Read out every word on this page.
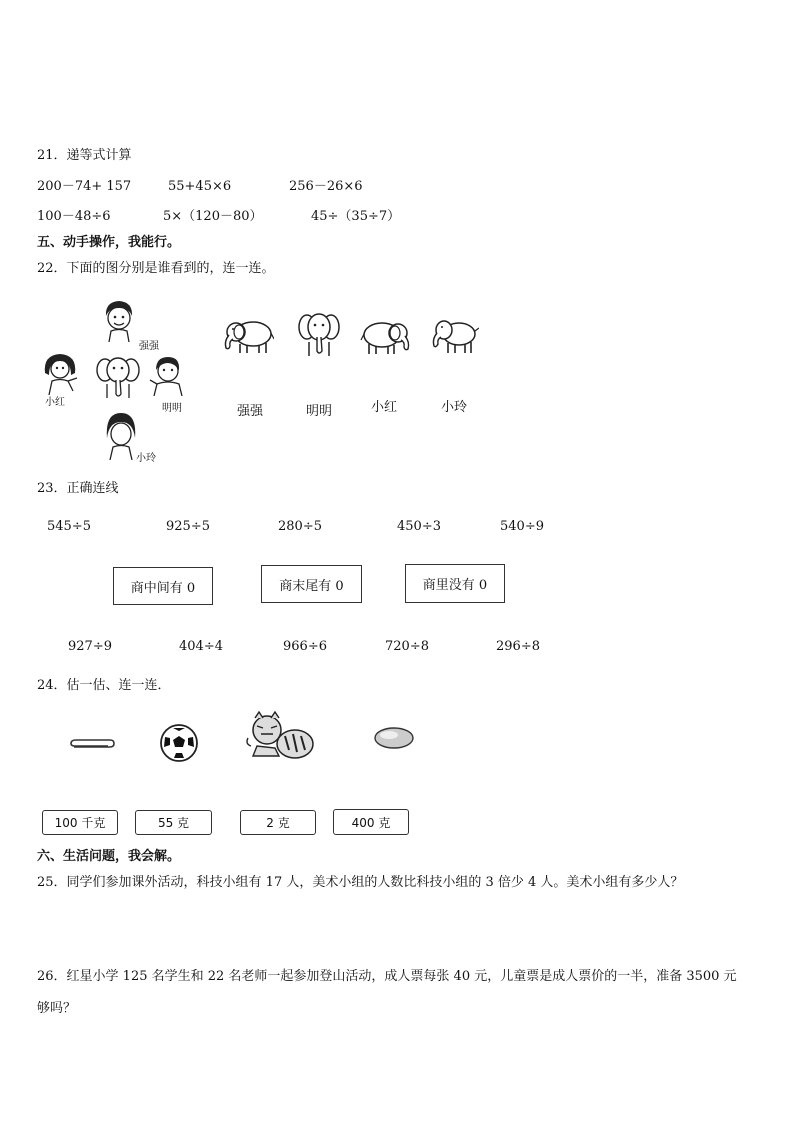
21．递等式计算
200－74+ 157	55+45×6	256－26×6
100－48÷6	5×（120－80）	45÷（35÷7）
五、动手操作，我能行。
22．下面的图分别是谁看到的，连一连。
强强
小红
明明
小玲
强强	明明	小红	小玲
23．正确连线
545÷5	925÷5	280÷5	450÷3	540÷9
商中间有 0	商末尾有 0	商里没有 0
927÷9	404÷4	966÷6	720÷8	296÷8
24．估一估、连一连．
100 千克	55 克	2 克	400 克
六、生活问题，我会解。
25．同学们参加课外活动，科技小组有 17 人，美术小组的人数比科技小组的 3 倍少 4 人。美术小组有多少人？
26．红星小学 125 名学生和 22 名老师一起参加登山活动，成人票每张 40 元，儿童票是成人票价的一半，准备 3500 元
够吗？
